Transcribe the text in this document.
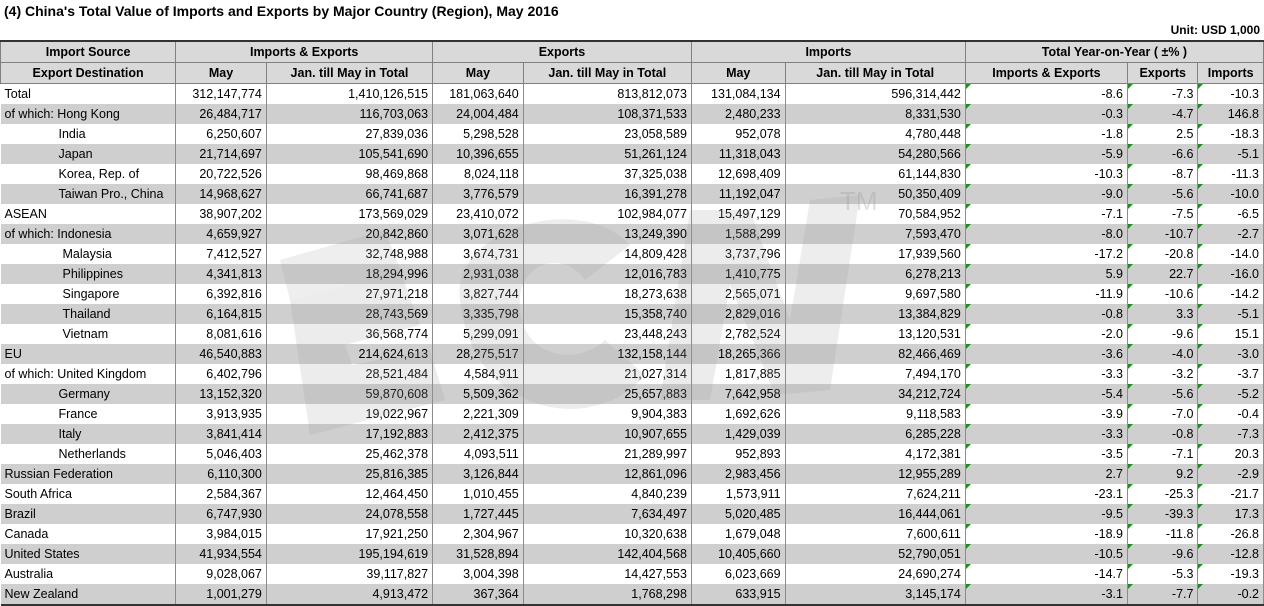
(4) China's Total Value of Imports and Exports by Major Country (Region), May 2016
Unit: USD 1,000
Import Source	Imports & Exports		Exports		Imports		Total Year-on-Year ( ±% )		
Export Destination	May	Jan. till May in Total	May	Jan. till May in Total	May	Jan. till May in Total	Imports & Exports	Exports	Imports
Total	312,147,774	1,410,126,515	181,063,640	813,812,073	131,084,134	596,314,442	-8.6	-7.3	-10.3
of which: Hong Kong	26,484,717	116,703,063	24,004,484	108,371,533	2,480,233	8,331,530	-0.3	-4.7	146.8
India	6,250,607	27,839,036	5,298,528	23,058,589	952,078	4,780,448	-1.8	2.5	-18.3
Japan	21,714,697	105,541,690	10,396,655	51,261,124	11,318,043	54,280,566	-5.9	-6.6	-5.1
Korea, Rep. of	20,722,526	98,469,868	8,024,118	37,325,038	12,698,409	61,144,830	-10.3	-8.7	-11.3
Taiwan Pro., China	14,968,627	66,741,687	3,776,579	16,391,278	11,192,047	50,350,409	-9.0	-5.6	-10.0
ASEAN	38,907,202	173,569,029	23,410,072	102,984,077	15,497,129	70,584,952	-7.1	-7.5	-6.5
of which: Indonesia	4,659,927	20,842,860	3,071,628	13,249,390	1,588,299	7,593,470	-8.0	-10.7	-2.7
Malaysia	7,412,527	32,748,988	3,674,731	14,809,428	3,737,796	17,939,560	-17.2	-20.8	-14.0
Philippines	4,341,813	18,294,996	2,931,038	12,016,783	1,410,775	6,278,213	5.9	22.7	-16.0
Singapore	6,392,816	27,971,218	3,827,744	18,273,638	2,565,071	9,697,580	-11.9	-10.6	-14.2
Thailand	6,164,815	28,743,569	3,335,798	15,358,740	2,829,016	13,384,829	-0.8	3.3	-5.1
Vietnam	8,081,616	36,568,774	5,299,091	23,448,243	2,782,524	13,120,531	-2.0	-9.6	15.1
EU	46,540,883	214,624,613	28,275,517	132,158,144	18,265,366	82,466,469	-3.6	-4.0	-3.0
of which: United Kingdom	6,402,796	28,521,484	4,584,911	21,027,314	1,817,885	7,494,170	-3.3	-3.2	-3.7
Germany	13,152,320	59,870,608	5,509,362	25,657,883	7,642,958	34,212,724	-5.4	-5.6	-5.2
France	3,913,935	19,022,967	2,221,309	9,904,383	1,692,626	9,118,583	-3.9	-7.0	-0.4
Italy	3,841,414	17,192,883	2,412,375	10,907,655	1,429,039	6,285,228	-3.3	-0.8	-7.3
Netherlands	5,046,403	25,462,378	4,093,511	21,289,997	952,893	4,172,381	-3.5	-7.1	20.3
Russian Federation	6,110,300	25,816,385	3,126,844	12,861,096	2,983,456	12,955,289	2.7	9.2	-2.9
South Africa	2,584,367	12,464,450	1,010,455	4,840,239	1,573,911	7,624,211	-23.1	-25.3	-21.7
Brazil	6,747,930	24,078,558	1,727,445	7,634,497	5,020,485	16,444,061	-9.5	-39.3	17.3
Canada	3,984,015	17,921,250	2,304,967	10,320,638	1,679,048	7,600,611	-18.9	-11.8	-26.8
United States	41,934,554	195,194,619	31,528,894	142,404,568	10,405,660	52,790,051	-10.5	-9.6	-12.8
Australia	9,028,067	39,117,827	3,004,398	14,427,553	6,023,669	24,690,274	-14.7	-5.3	-19.3
New Zealand	1,001,279	4,913,472	367,364	1,768,298	633,915	3,145,174	-3.1	-7.7	-0.2
TM
